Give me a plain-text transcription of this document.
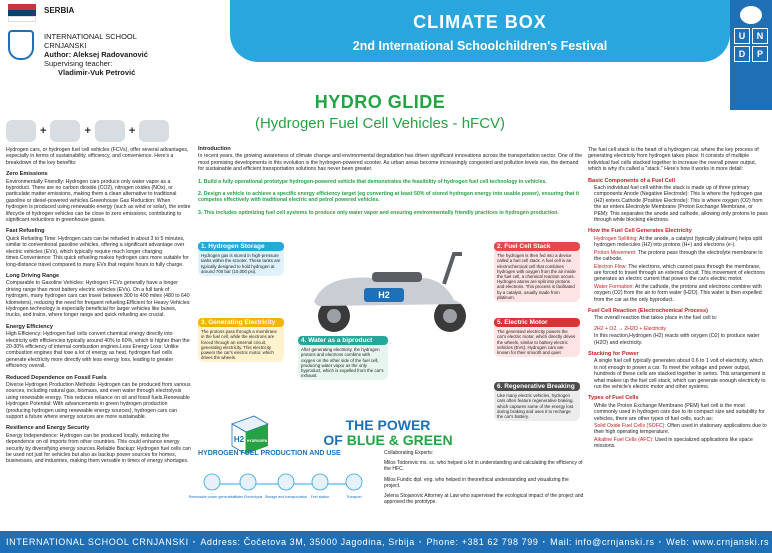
SERBIA
INTERNATIONAL SCHOOL
CRNJANSKI
Author: Aleksej Radovanović
Supervising teacher:
Vladimir-Vuk Petrović
CLIMATE BOX
2nd International Schoolchildren's Festival
U	N
D	P
HYDRO GLIDE
(Hydrogen Fuel Cell Vehicles - hFCV)
+	+	+

Hydrogen cars, or hydrogen fuel cell vehicles (FCVs), offer several advantages, especially in terms of sustainability, efficiency, and convenience. Here's a breakdown of the key benefits:

Zero Emissions

Environmentally Friendly: Hydrogen cars produce only water vapor as a byproduct. There are no carbon dioxide (CO2), nitrogen oxides (NOx), or particulate matter emissions, making them a clean alternative to traditional gasoline or diesel-powered vehicles.Greenhouse Gas Reduction: When hydrogen is produced using renewable energy (such as wind or solar), the entire lifecycle of hydrogen vehicles can be close to zero emissions, contributing to significant reductions in greenhouse gases.

Fast Refueling

Quick Refueling Time: Hydrogen cars can be refueled in about 3 to 5 minutes, similar to conventional gasoline vehicles, offering a significant advantage over electric vehicles (EVs), which typically require much longer charging times.Convenience: This quick refueling makes hydrogen cars more suitable for long-distance travel compared to many EVs that require hours to fully charge.

Long Driving Range

Comparable to Gasoline Vehicles: Hydrogen FCVs generally have a longer driving range than most battery electric vehicles (EVs). On a full tank of hydrogen, many hydrogen cars can travel between 300 to 400 miles (480 to 640 kilometers), reducing the need for frequent refueling.Efficient for Heavy Vehicles: Hydrogen technology is especially beneficial for larger vehicles like buses, trucks, and trains, where longer range and quick refueling are crucial.

Energy Efficiency

High Efficiency: Hydrogen fuel cells convert chemical energy directly into electricity with efficiencies typically around 40% to 60%, which is higher than the 20-30% efficiency of internal combustion engines.Less Energy Loss: Unlike combustion engines that lose a lot of energy as heat, hydrogen fuel cells generate electricity more directly with less energy loss, leading to greater efficiency overall.

Reduced Dependence on Fossil Fuels

Diverse Hydrogen Production Methods: Hydrogen can be produced from various sources, including natural gas, biomass, and even water through electrolysis using renewable energy. This reduces reliance on oil and fossil fuels.Renewable Hydrogen Potential: With advancements in green hydrogen production (producing hydrogen using renewable energy sources), hydrogen cars can support a future where energy sources are more sustainable.

Resilience and Energy Security

Energy Independence: Hydrogen can be produced locally, reducing the dependence on oil imports from other countries. This could enhance energy security by diversifying energy sources.Reliable Backup: Hydrogen fuel cells can be used not just for vehicles but also as backup power sources for homes, businesses, and industries, making them versatile in times of energy shortages.

Introduction

In recent years, the growing awareness of climate change and environmental degradation has driven significant innovations across the transportation sector. One of the most promising developments in this evolution is the hydrogen-powered scooter. As urban areas become increasingly congested and pollution levels rise, the demand for sustainable and efficient transportation solutions has never been greater.

1. Build a fully operational prototype hydrogen-powered vehicle that demonstrates the feasibility of hydrogen fuel cell technology in vehicles.

2. Design a vehicle to achieve a specific energy efficiency target (eg converting at least 50% of stored hydrogen energy into usable power), ensuring that it competes effectively with traditional electric and petrol powered vehicles.

3. This includes optimizing fuel cell systems to produce only water vapor and ensuring environmentally friendly practices in hydrogen production.

H2
1. Hydrogen Storage
Hydrogen gas is stored in high-pressure tanks within the scooter. These tanks are typically designed to hold hydrogen at around 700 bar (10,000 psi).
2. Fuel Cell Stack
The hydrogen is then fed into a device called a fuel cell stack. A fuel cell is an electrochemical cell that combines hydrogen with oxygen from the air inside the fuel cell, a chemical reaction occurs. Hydrogen atoms are split into protons and electrons. This process is facilitated by a catalyst, usually made from platinum.
3. Generating Electricity
The protons pass through a membrane in the fuel cell, while the electrons are forced through an external circuit, generating electricity. This electricity powers the car's electric motor, which drives the wheels.
4. Water as a biproduct
After generating electricity, the hydrogen protons and electrons combine with oxygen on the other side of the fuel cell, producing water vapor as the only byproduct, which is expelled from the car's exhaust.
5. Electric Motor
The generated electricity powers the car's electric motor, which directly drives the wheels, similar to battery electric vehicles (EVs). Hydrogen cars are known for their smooth and quiet
6. Regenerative Breaking
Like many electric vehicles, hydrogen cars often feature regenerative braking, which captures some of the energy lost during braking and uses it to recharge the car's battery.
H2 HYDROGEN
THE POWER
OF BLUE & GREEN
HYDROGEN FUEL PRODUCTION AND USE
Renewable power generation
Water Electrolysis Storage and transportation Fuel station	Transport

Collaborating Experts:

Milos Todorovic ms. sc. who helped a lot in understanding and calculating the efficiency of the HFC.

Milos Fundic dipl. eng. who helped in theorethical understanding and visualizing the project.

Jelena Stojanovic Attorney at Law who supervised the ecological impact of the project and approved the prototype.

The fuel cell stack is the heart of a hydrogen car, where the key process of generating electricity from hydrogen takes place. It consists of multiple individual fuel cells stacked together to increase the overall power output, which is why it's called a "stack." Here's how it works in more detail:

Basic Components of a Fuel Cell

Each individual fuel cell within the stack is made up of three primary components:Anode (Negative Electrode): This is where the hydrogen gas (H2) enters.Cathode (Positive Electrode): This is where oxygen (O2) from the air enters.Electrolyte Membrane (Proton Exchange Membrane, or PEM): This separates the anode and cathode, allowing only protons to pass through while blocking electrons.

How the Fuel Cell Generates Electricity

Hydrogen Splitting: At the anode, a catalyst (typically platinum) helps split hydrogen molecules (H2) into protons (H+) and electrons (e-).

Proton Movement: The protons pass through the electrolyte membrane to the cathode.

Electron Flow: The electrons, which cannot pass through the membrane, are forced to travel through an external circuit. This movement of electrons generates an electric current that powers the car's electric motor.

Water Formation: At the cathode, the protons and electrons combine with oxygen (O2) from the air to form water (H2O). This water is then expelled from the car as the only byproduct.

Fuel Cell Reaction (Electrochemical Process)

The overall reaction that takes place in the fuel cell is:

2H2 + O2 → 2H2O + Electricity

In this reaction,Hydrogen (H2) reacts with oxygen (O2) to produce water (H2O) and electricity.

Stacking for Power

A single fuel cell typically generates about 0.6 to 1 volt of electricity, which is not enough to power a car. To meet the voltage and power output, hundreds of these cells are stacked together in series. This arrangement is what makes up the fuel cell stack, which can generate enough electricity to run the vehicle's electric motor and other systems.

Types of Fuel Cells

While the Proton Exchange Membrane (PEM) fuel cell is the most commonly used in hydrogen cars due to its compact size and suitability for vehicles, there are other types of fuel cells, such as:

Solid Oxide Fuel Cells (SOFC): Often used in stationary applications due to their high operating temperature.

Alkaline Fuel Cells (AFC): Used in specialized applications like space missions.

INTERNATIONAL SCHOOL CRNJANSKI · Address: Čočetova 3M, 35000 Jagodina, Srbija · Phone: +381 62 798 799 · Mail: info@crnjanski.rs · Web: www.crnjanski.rs
